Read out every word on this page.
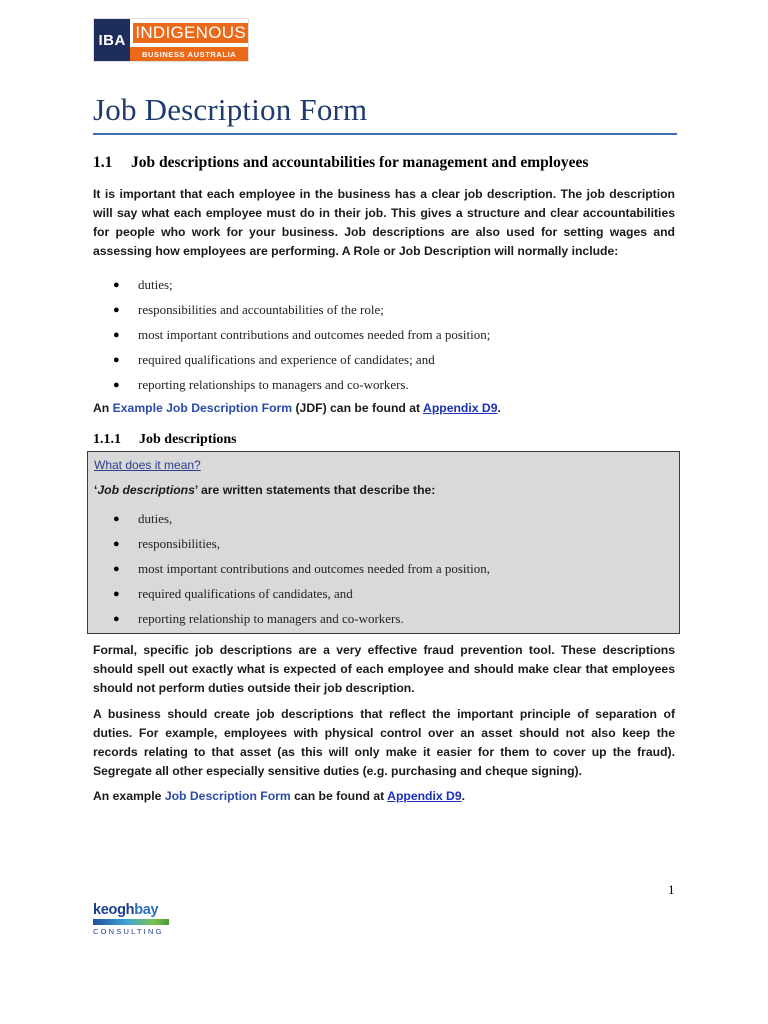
IBA INDIGENOUS
BUSINESS AUSTRALIA
Job Description Form
1.1 Job descriptions and accountabilities for management and employees
It is important that each employee in the business has a clear job description. The job description will say what each employee must do in their job. This gives a structure and clear accountabilities for people who work for your business. Job descriptions are also used for setting wages and assessing how employees are performing. A Role or Job Description will normally include:
●	duties;
●	responsibilities and accountabilities of the role;
●	most important contributions and outcomes needed from a position;
●	required qualifications and experience of candidates; and
●	reporting relationships to managers and co-workers.
An Example Job Description Form (JDF) can be found at Appendix D9.
1.1.1 Job descriptions
What does it mean?
‘Job descriptions’ are written statements that describe the:
●	duties,
●	responsibilities,
●	most important contributions and outcomes needed from a position,
●	required qualifications of candidates, and
●	reporting relationship to managers and co-workers.
Formal, specific job descriptions are a very effective fraud prevention tool. These descriptions should spell out exactly what is expected of each employee and should make clear that employees should not perform duties outside their job description.
A business should create job descriptions that reflect the important principle of separation of duties. For example, employees with physical control over an asset should not also keep the records relating to that asset (as this will only make it easier for them to cover up the fraud). Segregate all other especially sensitive duties (e.g. purchasing and cheque signing).
An example Job Description Form can be found at Appendix D9.
1
keoghbay
CONSULTING
